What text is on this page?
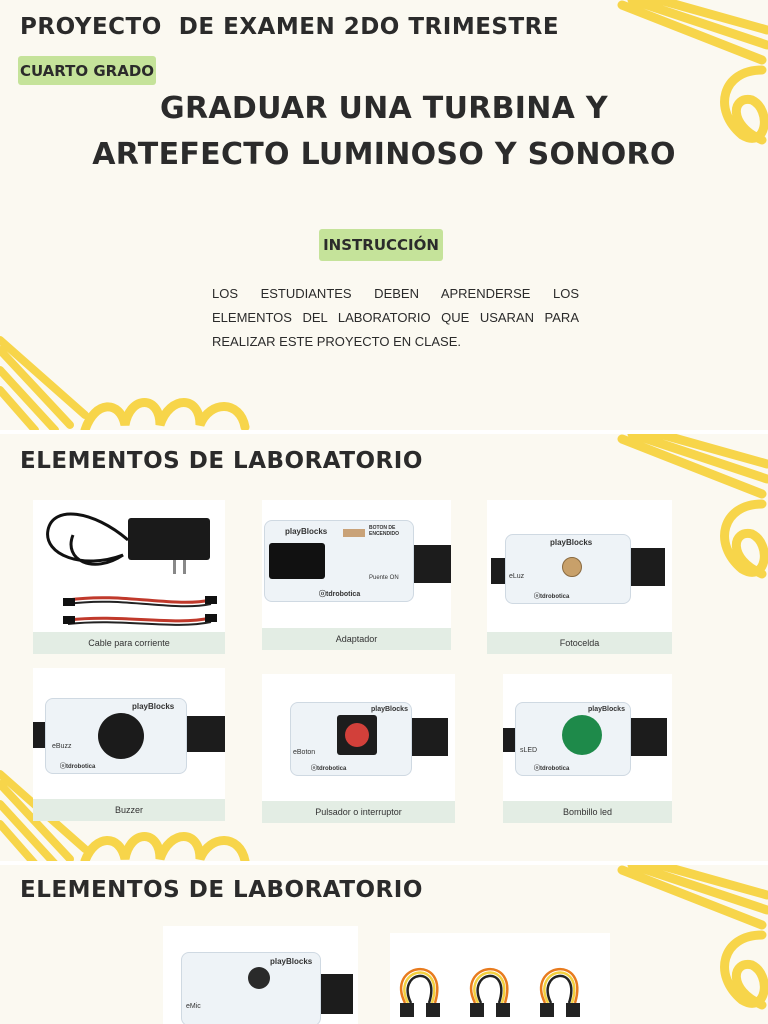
PROYECTO  DE EXAMEN 2DO TRIMESTRE
CUARTO GRADO
GRADUAR UNA TURBINA Y
ARTEFECTO LUMINOSO Y SONORO
INSTRUCCIÓN

LOS ESTUDIANTES DEBEN APRENDERSE LOS ELEMENTOS DEL LABORATORIO QUE USARAN PARA REALIZAR ESTE PROYECTO EN CLASE.

ELEMENTOS DE LABORATORIO
Cable para corriente
playBlocks	BOTON DE ENCENDIDO
Puente ON
ⓞtdrobotica
Adaptador
playBlocks
eLuz
ⓞtdrobotica
Fotocelda
playBlocks
eBuzz
ⓞtdrobotica
Buzzer
playBlocks
eBoton
ⓞtdrobotica
Pulsador o interruptor
playBlocks
sLED
ⓞtdrobotica
Bombillo led
ELEMENTOS DE LABORATORIO
playBlocks
eMic
